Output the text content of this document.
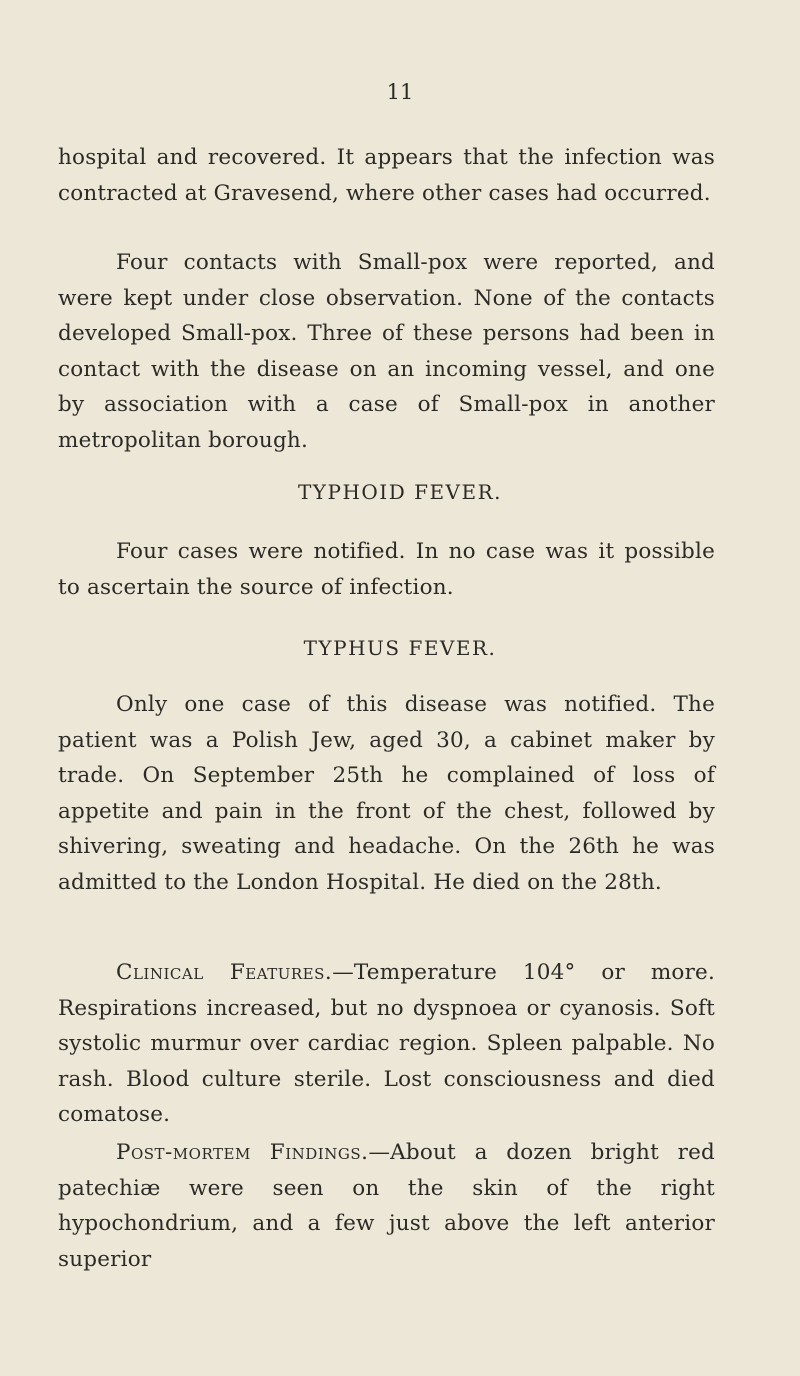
11
hospital and recovered. It appears that the infection was contracted at Gravesend, where other cases had occurred.
Four contacts with Small-pox were reported, and were kept under close observation. None of the contacts developed Small-pox. Three of these persons had been in contact with the disease on an incoming vessel, and one by association with a case of Small-pox in another metropolitan borough.
TYPHOID FEVER.
Four cases were notified. In no case was it possible to ascertain the source of infection.
TYPHUS FEVER.
Only one case of this disease was notified. The patient was a Polish Jew, aged 30, a cabinet maker by trade. On September 25th he complained of loss of appetite and pain in the front of the chest, followed by shivering, sweating and headache. On the 26th he was admitted to the London Hospital. He died on the 28th.
Clinical Features.—Temperature 104° or more. Respirations increased, but no dyspnoea or cyanosis. Soft systolic murmur over cardiac region. Spleen palpable. No rash. Blood culture sterile. Lost consciousness and died comatose.
Post-mortem Findings.—About a dozen bright red patechiæ were seen on the skin of the right hypochondrium, and a few just above the left anterior superior
